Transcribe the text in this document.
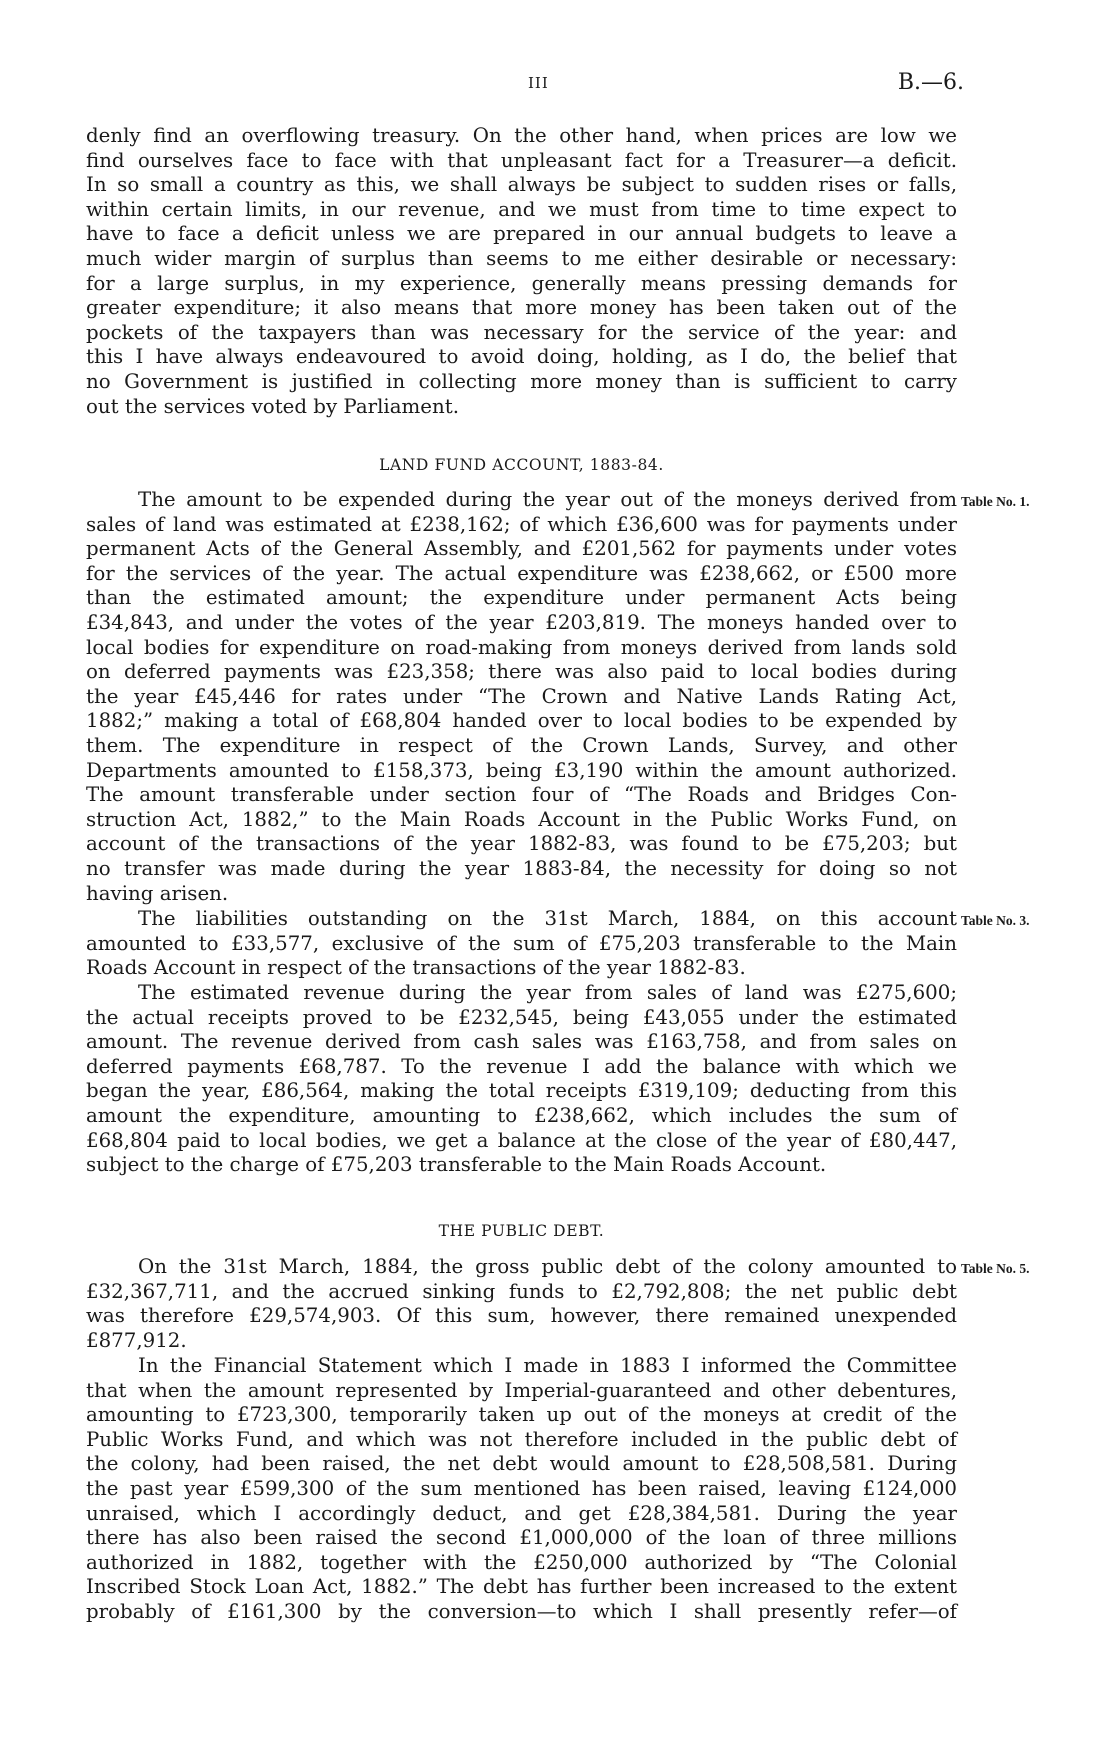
III	B.—6.
denly find an overflowing treasury. On the other hand, when prices are low we
find ourselves face to face with that unpleasant fact for a Treasurer—a deficit.
In so small a country as this, we shall always be subject to sudden rises or falls,
within certain limits, in our revenue, and we must from time to time expect to
have to face a deficit unless we are prepared in our annual budgets to leave a
much wider margin of surplus than seems to me either desirable or necessary:
for a large surplus, in my experience, generally means pressing demands for
greater expenditure; it also means that more money has been taken out of the
pockets of the taxpayers than was necessary for the service of the year: and
this I have always endeavoured to avoid doing, holding, as I do, the belief that
no Government is justified in collecting more money than is sufficient to carry
out the services voted by Parliament.
LAND FUND ACCOUNT, 1883-84.
The amount to be expended during the year out of the moneys derived from
sales of land was estimated at £238,162; of which £36,600 was for payments under
permanent Acts of the General Assembly, and £201,562 for payments under votes
for the services of the year. The actual expenditure was £238,662, or £500 more
than the estimated amount; the expenditure under permanent Acts being
£34,843, and under the votes of the year £203,819. The moneys handed over to
local bodies for expenditure on road-making from moneys derived from lands sold
on deferred payments was £23,358; there was also paid to local bodies during
the year £45,446 for rates under “The Crown and Native Lands Rating Act,
1882;” making a total of £68,804 handed over to local bodies to be expended by
them. The expenditure in respect of the Crown Lands, Survey, and other
Departments amounted to £158,373, being £3,190 within the amount authorized.
The amount transferable under section four of “The Roads and Bridges Con-
struction Act, 1882,” to the Main Roads Account in the Public Works Fund, on
account of the transactions of the year 1882-83, was found to be £75,203; but
no transfer was made during the year 1883-84, the necessity for doing so not
having arisen.
Table No. 1.
The liabilities outstanding on the 31st March, 1884, on this account
amounted to £33,577, exclusive of the sum of £75,203 transferable to the Main
Roads Account in respect of the transactions of the year 1882-83.
Table No. 3.
The estimated revenue during the year from sales of land was £275,600;
the actual receipts proved to be £232,545, being £43,055 under the estimated
amount. The revenue derived from cash sales was £163,758, and from sales on
deferred payments £68,787. To the revenue I add the balance with which we
began the year, £86,564, making the total receipts £319,109; deducting from this
amount the expenditure, amounting to £238,662, which includes the sum of
£68,804 paid to local bodies, we get a balance at the close of the year of £80,447,
subject to the charge of £75,203 transferable to the Main Roads Account.
THE PUBLIC DEBT.
On the 31st March, 1884, the gross public debt of the colony amounted to
£32,367,711, and the accrued sinking funds to £2,792,808; the net public debt
was therefore £29,574,903. Of this sum, however, there remained unexpended
£877,912.
Table No. 5.
In the Financial Statement which I made in 1883 I informed the Committee
that when the amount represented by Imperial-guaranteed and other debentures,
amounting to £723,300, temporarily taken up out of the moneys at credit of the
Public Works Fund, and which was not therefore included in the public debt of
the colony, had been raised, the net debt would amount to £28,508,581. During
the past year £599,300 of the sum mentioned has been raised, leaving £124,000
unraised, which I accordingly deduct, and get £28,384,581. During the year
there has also been raised the second £1,000,000 of the loan of three millions
authorized in 1882, together with the £250,000 authorized by “The Colonial
Inscribed Stock Loan Act, 1882.” The debt has further been increased to the extent
probably of £161,300 by the conversion—to which I shall presently refer—of
